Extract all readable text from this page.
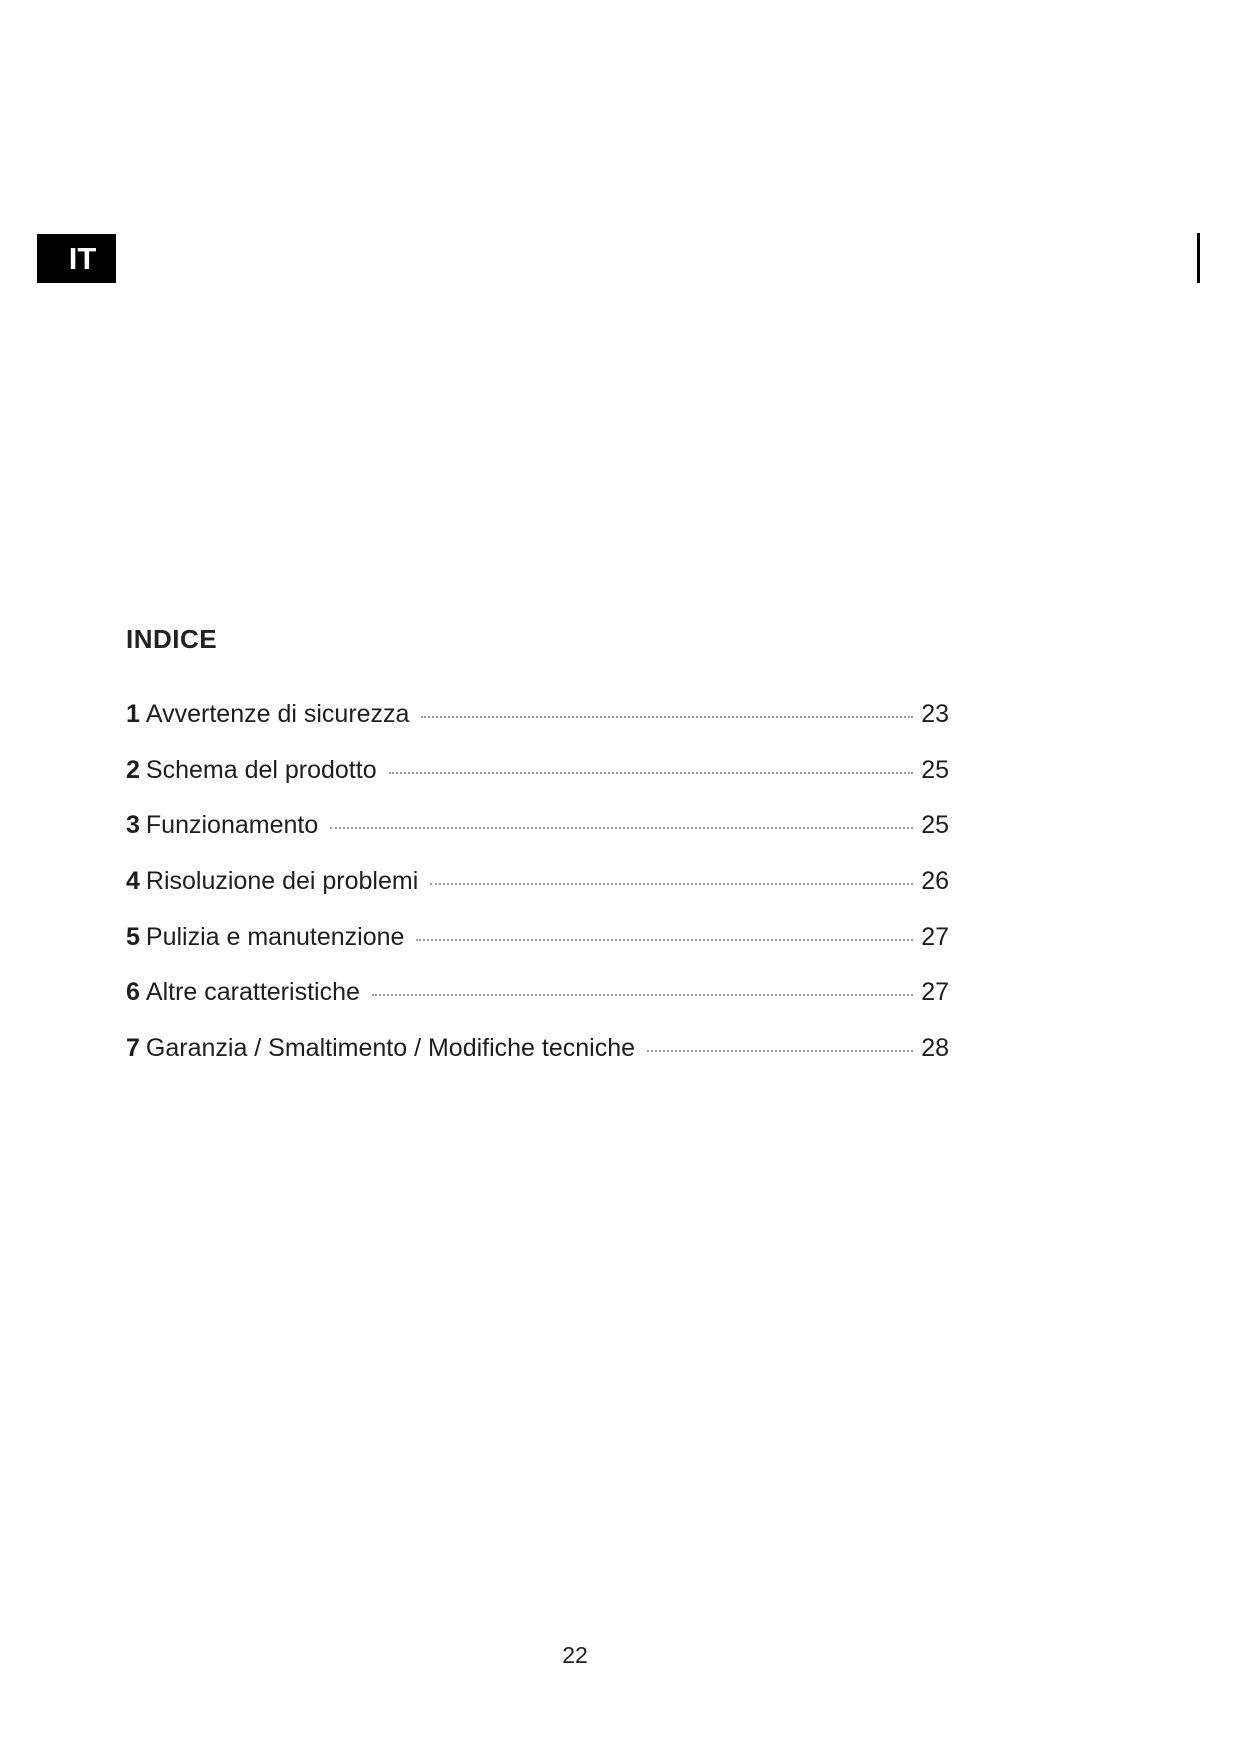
IT
INDICE
1 Avvertenze di sicurezza	23
2 Schema del prodotto	25
3 Funzionamento	25
4 Risoluzione dei problemi	26
5 Pulizia e manutenzione	27
6 Altre caratteristiche	27
7 Garanzia / Smaltimento / Modifiche tecniche	28
22
